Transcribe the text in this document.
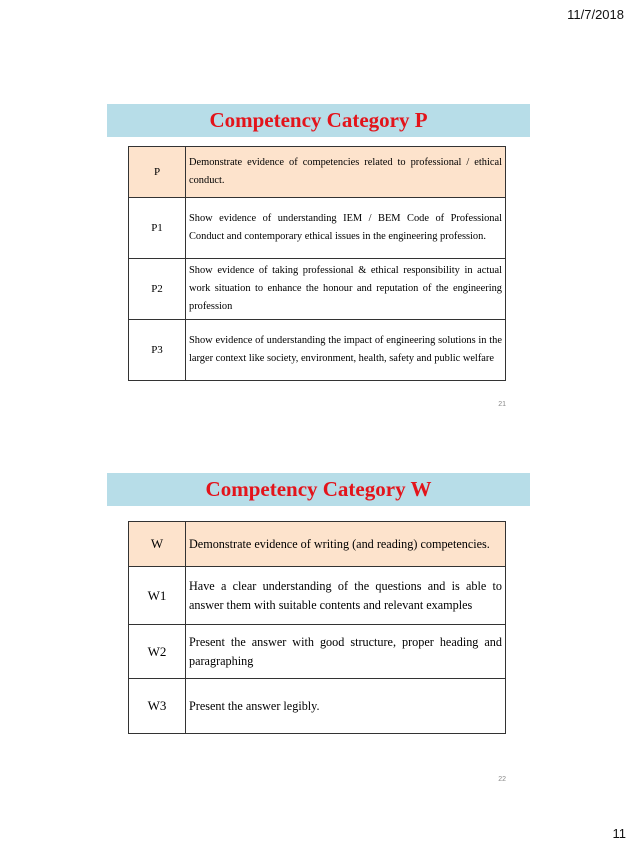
11/7/2018
Competency Category P
P	Demonstrate evidence of competencies related to professional / ethical conduct.
P1	Show evidence of understanding IEM / BEM Code of Professional Conduct and contemporary ethical issues in the engineering profession.
P2	Show evidence of taking professional & ethical responsibility in actual work situation to enhance the honour and reputation of the engineering profession
P3	Show evidence of understanding the impact of engineering solutions in the larger context like society, environment, health, safety and public welfare
21
Competency Category W
W	Demonstrate evidence of writing (and reading) competencies.
W1	Have a clear understanding of the questions and is able to answer them with suitable contents and relevant examples
W2	Present the answer with good structure, proper heading and paragraphing
W3	Present the answer legibly.
22
11
